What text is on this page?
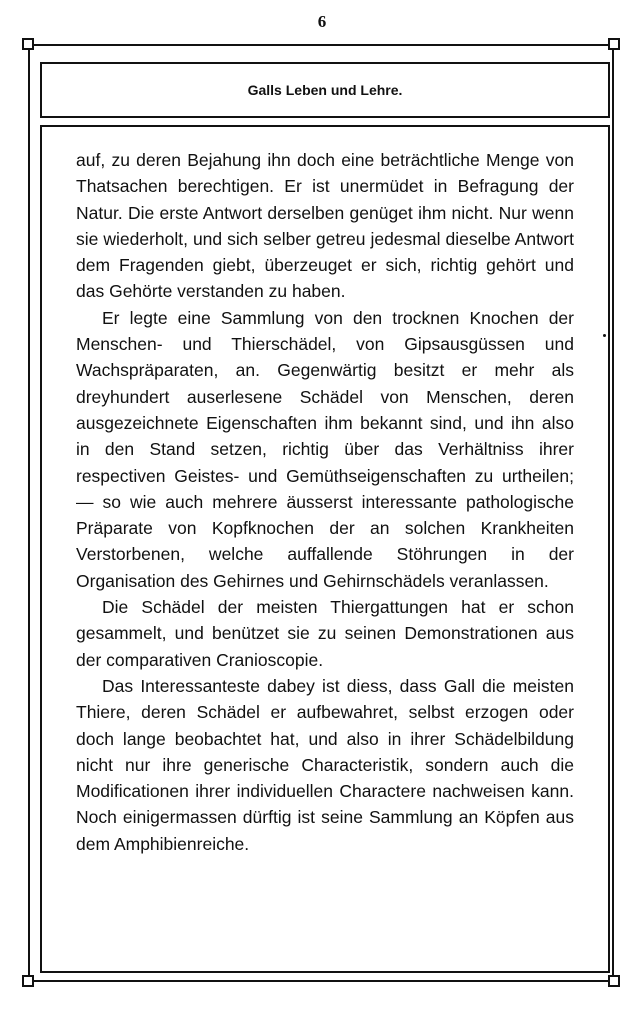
6
Galls Leben und Lehre.

auf, zu deren Bejahung ihn doch eine beträchtliche Menge von Thatsachen berechtigen. Er ist unermüdet in Befragung der Natur. Die erste Antwort derselben genüget ihm nicht. Nur wenn sie wiederholt, und sich selber getreu jedesmal dieselbe Antwort dem Fragenden giebt, überzeuget er sich, richtig gehört und das Gehörte verstanden zu haben.

Er legte eine Sammlung von den trocknen Knochen der Menschen- und Thierschädel, von Gipsausgüssen und Wachspräparaten, an. Gegenwärtig besitzt er mehr als dreyhundert auserlesene Schädel von Menschen, deren ausgezeichnete Eigenschaften ihm bekannt sind, und ihn also in den Stand setzen, richtig über das Verhältniss ihrer respectiven Geistes- und Gemüthseigenschaften zu urtheilen; — so wie auch mehrere äusserst interessante pathologische Präparate von Kopfknochen der an solchen Krankheiten Verstorbenen, welche auffallende Stöhrungen in der Organisation des Gehirnes und Gehirnschädels veranlassen.

Die Schädel der meisten Thiergattungen hat er schon gesammelt, und benützet sie zu seinen Demonstrationen aus der comparativen Cranioscopie.

Das Interessanteste dabey ist diess, dass Gall die meisten Thiere, deren Schädel er aufbewahret, selbst erzogen oder doch lange beobachtet hat, und also in ihrer Schädelbildung nicht nur ihre generische Characteristik, sondern auch die Modificationen ihrer individuellen Charactere nachweisen kann. Noch einigermassen dürftig ist seine Sammlung an Köpfen aus dem Amphibienreiche.
